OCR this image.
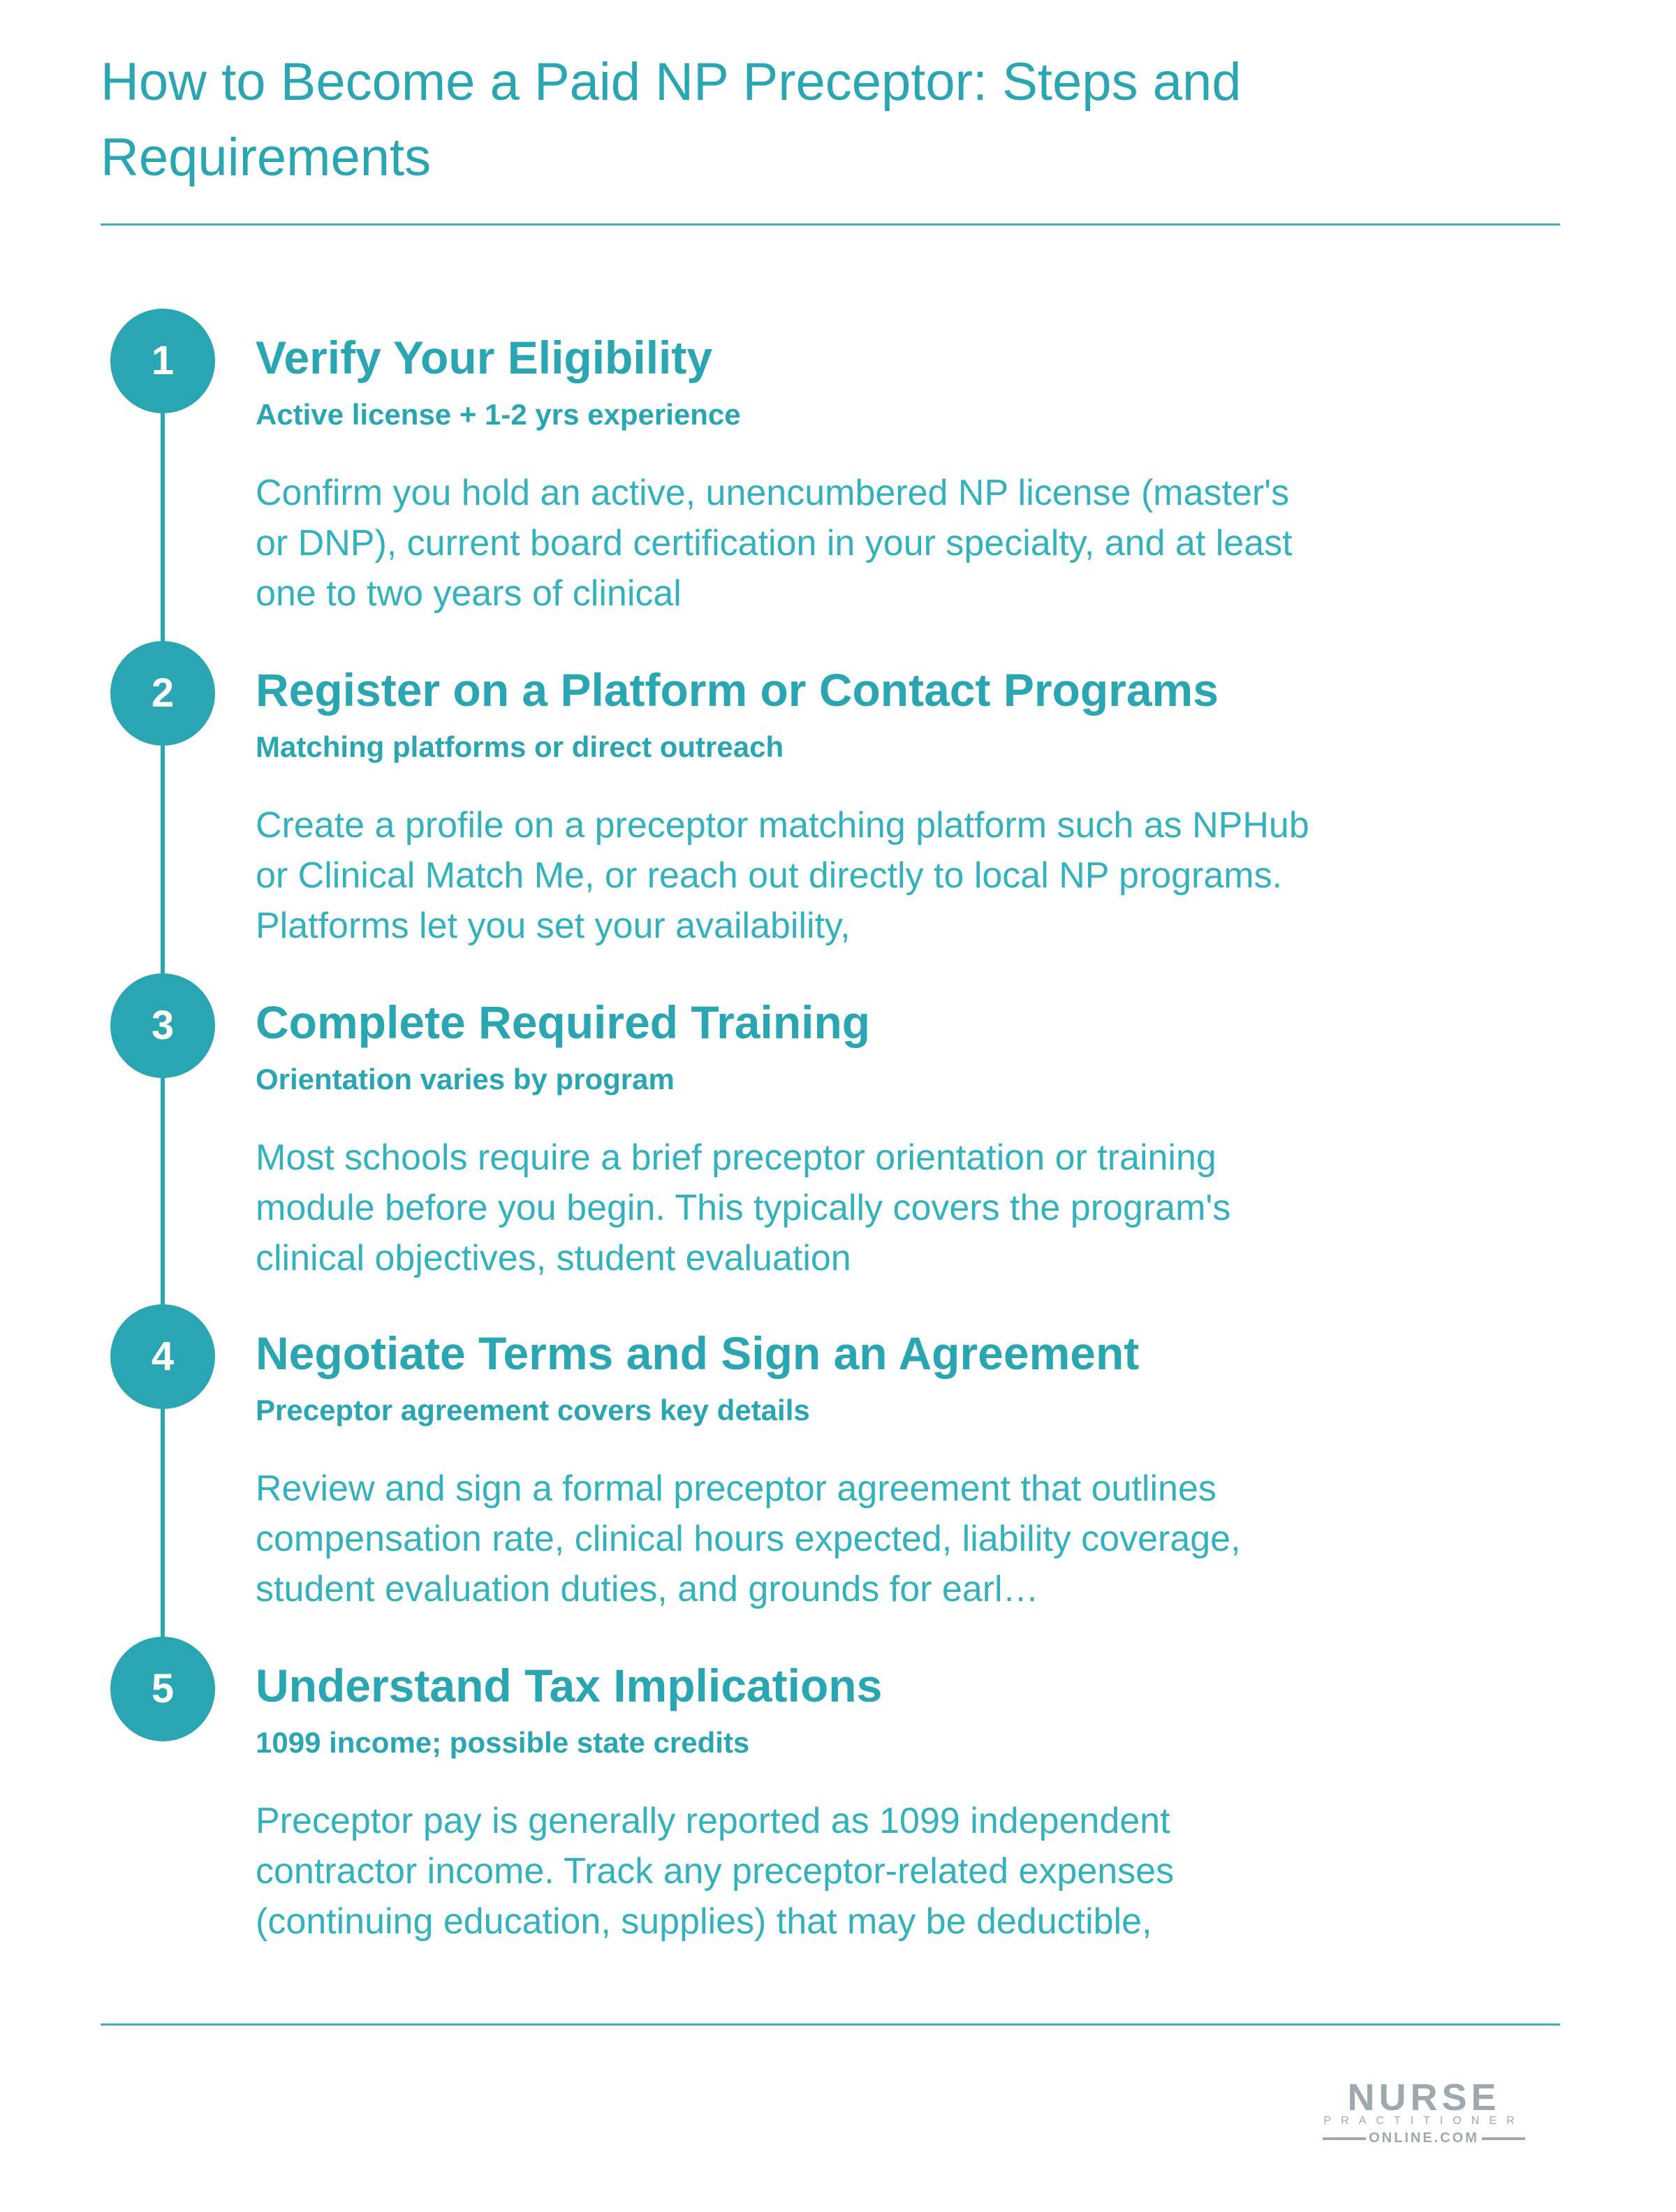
How to Become a Paid NP Preceptor: Steps and Requirements
1	Verify Your Eligibility
Active license + 1-2 yrs experience

Confirm you hold an active, unencumbered NP license (master's or DNP), current board certification in your specialty, and at least one to two years of clinical

2	Register on a Platform or Contact Programs
Matching platforms or direct outreach

Create a profile on a preceptor matching platform such as NPHub or Clinical Match Me, or reach out directly to local NP programs. Platforms let you set your availability,

3	Complete Required Training
Orientation varies by program

Most schools require a brief preceptor orientation or training module before you begin. This typically covers the program's clinical objectives, student evaluation

4	Negotiate Terms and Sign an Agreement
Preceptor agreement covers key details

Review and sign a formal preceptor agreement that outlines compensation rate, clinical hours expected, liability coverage, student evaluation duties, and grounds for earl…

5	Understand Tax Implications
1099 income; possible state credits

Preceptor pay is generally reported as 1099 independent contractor income. Track any preceptor-related expenses (continuing education, supplies) that may be deductible,

NURSE
PRACTITIONER
ONLINE.COM
